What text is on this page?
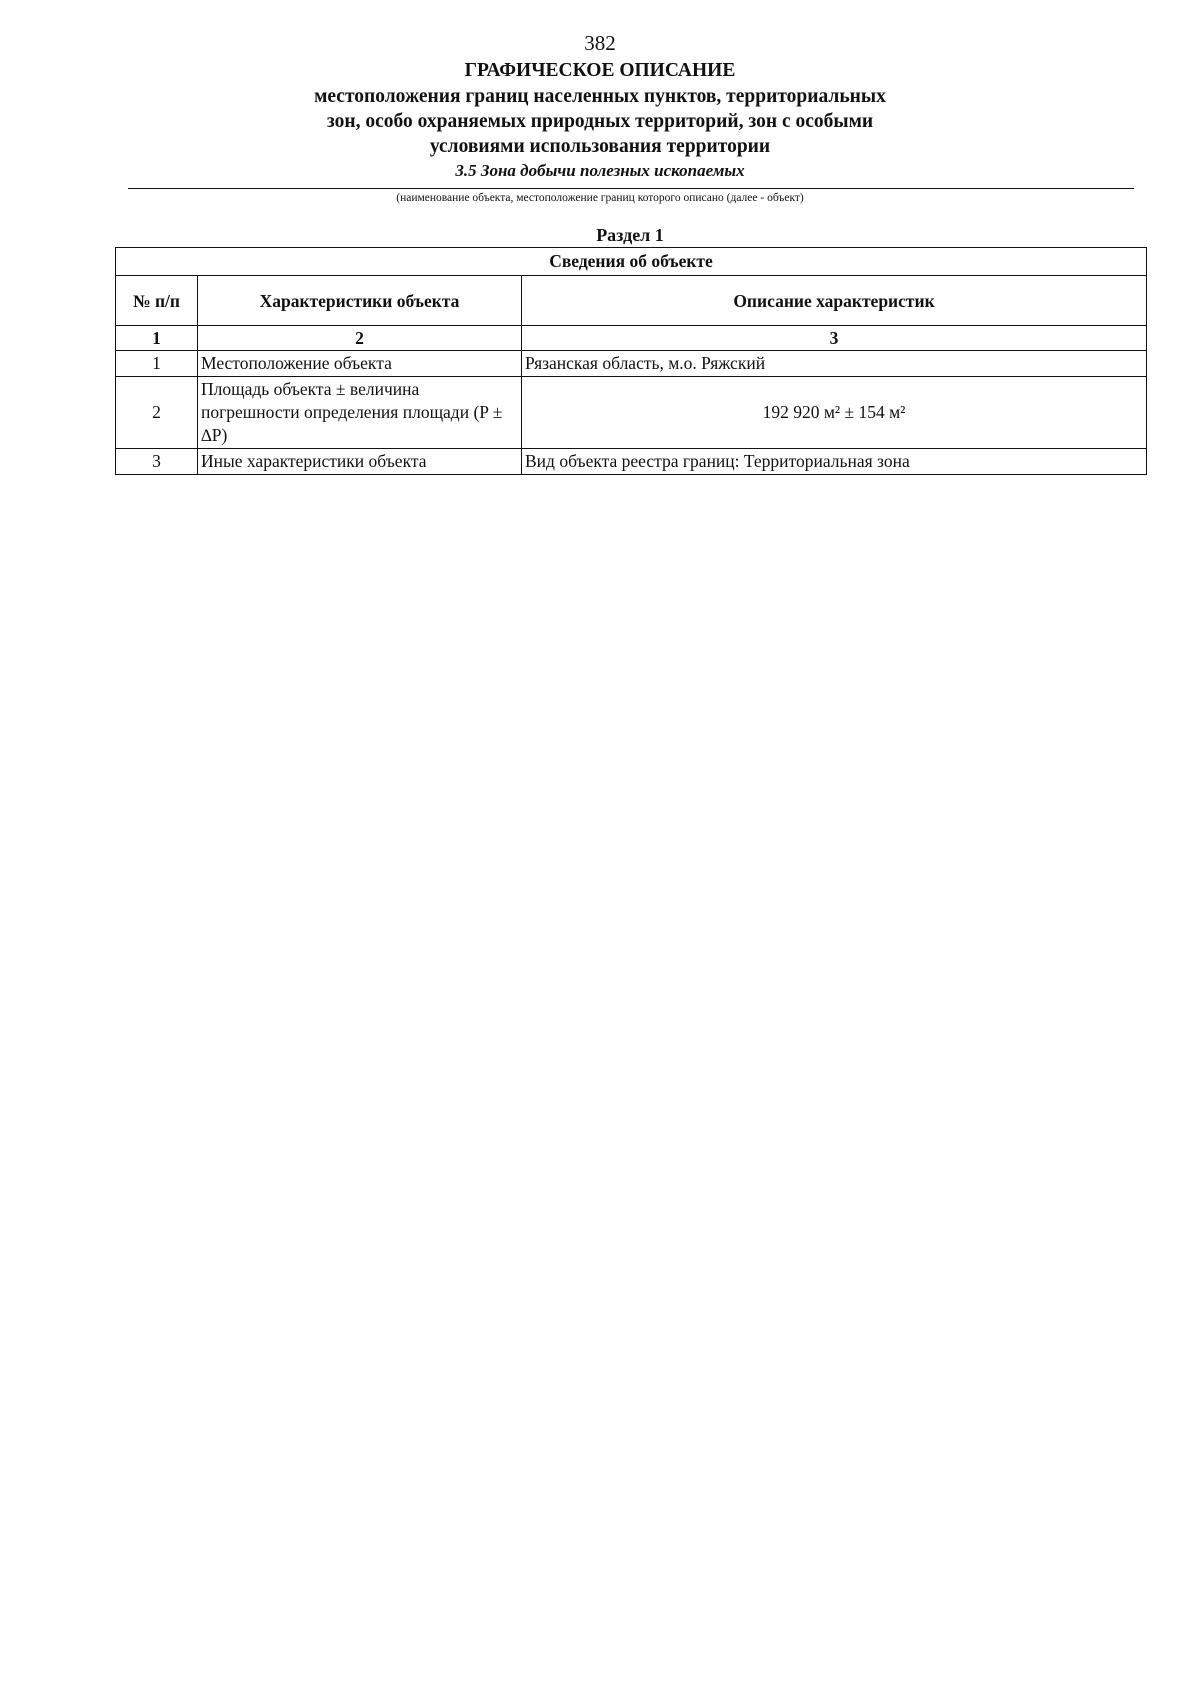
382
ГРАФИЧЕСКОЕ ОПИСАНИЕ
местоположения границ населенных пунктов, территориальных
зон, особо охраняемых природных территорий, зон с особыми
условиями использования территории
3.5 Зона добычи полезных ископаемых
(наименование объекта, местоположение границ которого описано (далее - объект)
Раздел 1
Сведения об объекте		
№ п/п	Характеристики объекта	Описание характеристик
1	2	3
1	Местоположение объекта	Рязанская область, м.о. Ряжский
2	Площадь объекта ± величина погрешности определения площади (P ± ∆P)	192 920 м² ± 154 м²
3	Иные характеристики объекта	Вид объекта реестра границ: Территориальная зона
